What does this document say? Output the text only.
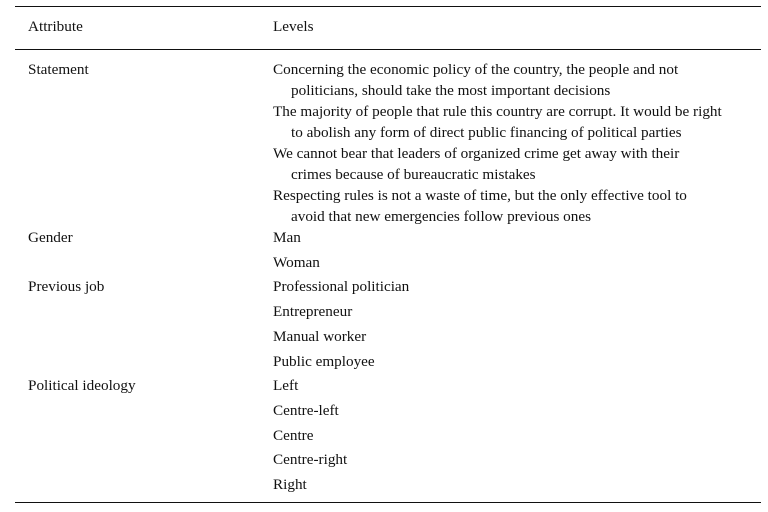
Attribute	Levels
Statement	Concerning the economic policy of the country, the people and not
politicians, should take the most important decisions
The majority of people that rule this country are corrupt. It would be right
to abolish any form of direct public financing of political parties
We cannot bear that leaders of organized crime get away with their
crimes because of bureaucratic mistakes
Respecting rules is not a waste of time, but the only effective tool to
avoid that new emergencies follow previous ones
Gender	Man
Woman
Previous job	Professional politician
Entrepreneur
Manual worker
Public employee
Political ideology	Left
Centre-left
Centre
Centre-right
Right
